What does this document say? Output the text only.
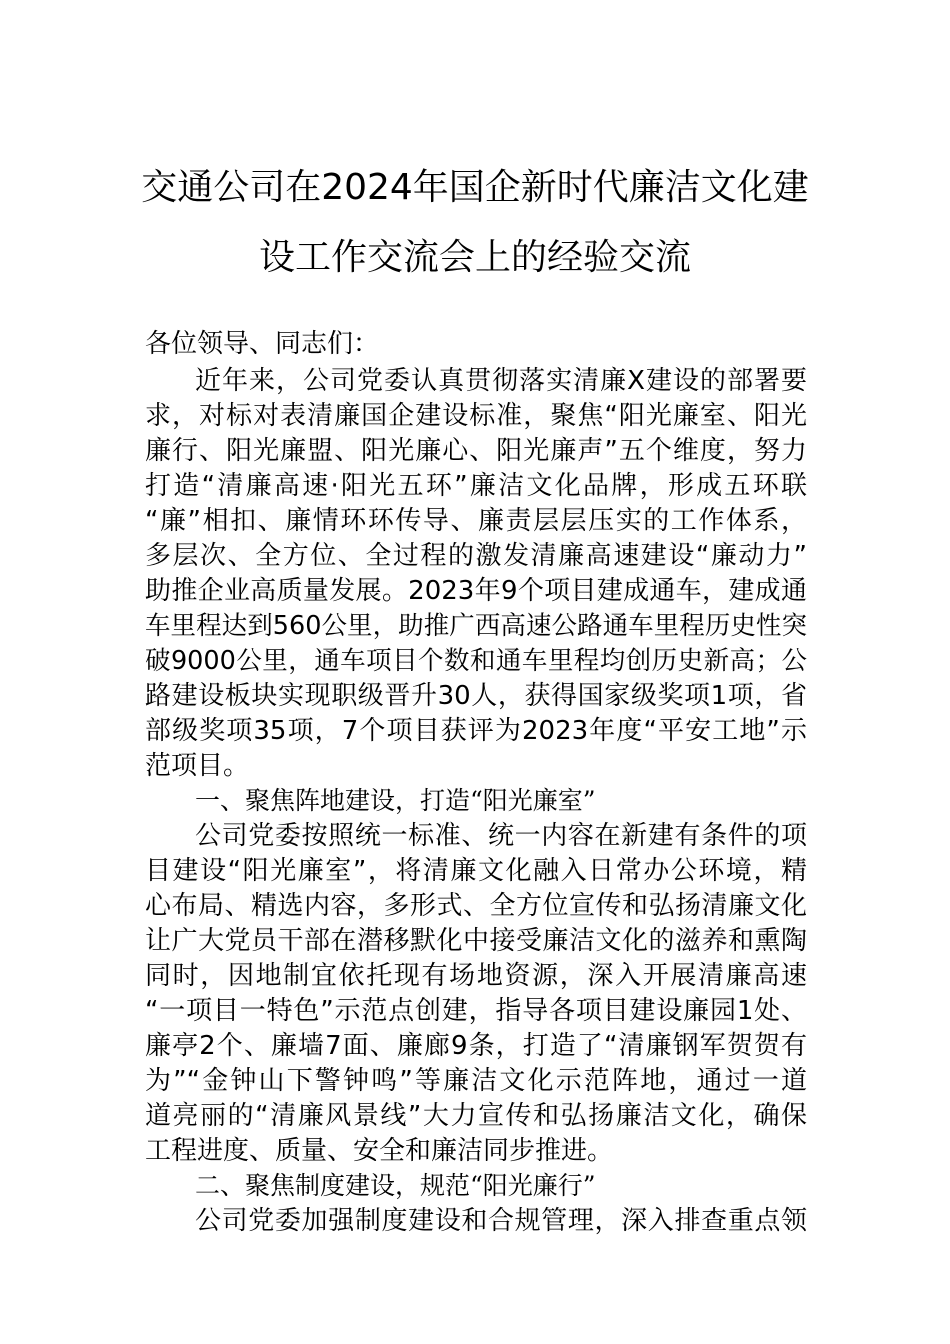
交通公司在2024年国企新时代廉洁文化建
设工作交流会上的经验交流
各位领导、同志们：
近年来，公司党委认真贯彻落实清廉X建设的部署要
求，对标对表清廉国企建设标准，聚焦“阳光廉室、阳光
廉行、阳光廉盟、阳光廉心、阳光廉声”五个维度，努力
打造“清廉高速·阳光五环”廉洁文化品牌，形成五环联
“廉”相扣、廉情环环传导、廉责层层压实的工作体系，
多层次、全方位、全过程的激发清廉高速建设“廉动力”
助推企业高质量发展。2023年9个项目建成通车，建成通
车里程达到560公里，助推广西高速公路通车里程历史性突
破9000公里，通车项目个数和通车里程均创历史新高；公
路建设板块实现职级晋升30人，获得国家级奖项1项，省
部级奖项35项，7个项目获评为2023年度“平安工地”示
范项目。
一、聚焦阵地建设，打造“阳光廉室”
公司党委按照统一标准、统一内容在新建有条件的项
目建设“阳光廉室”，将清廉文化融入日常办公环境，精
心布局、精选内容，多形式、全方位宣传和弘扬清廉文化
让广大党员干部在潜移默化中接受廉洁文化的滋养和熏陶
同时，因地制宜依托现有场地资源，深入开展清廉高速
“一项目一特色”示范点创建，指导各项目建设廉园1处、
廉亭2个、廉墙7面、廉廊9条，打造了“清廉钢军贺贺有
为”“金钟山下警钟鸣”等廉洁文化示范阵地，通过一道
道亮丽的“清廉风景线”大力宣传和弘扬廉洁文化，确保
工程进度、质量、安全和廉洁同步推进。
二、聚焦制度建设，规范“阳光廉行”
公司党委加强制度建设和合规管理，深入排查重点领
